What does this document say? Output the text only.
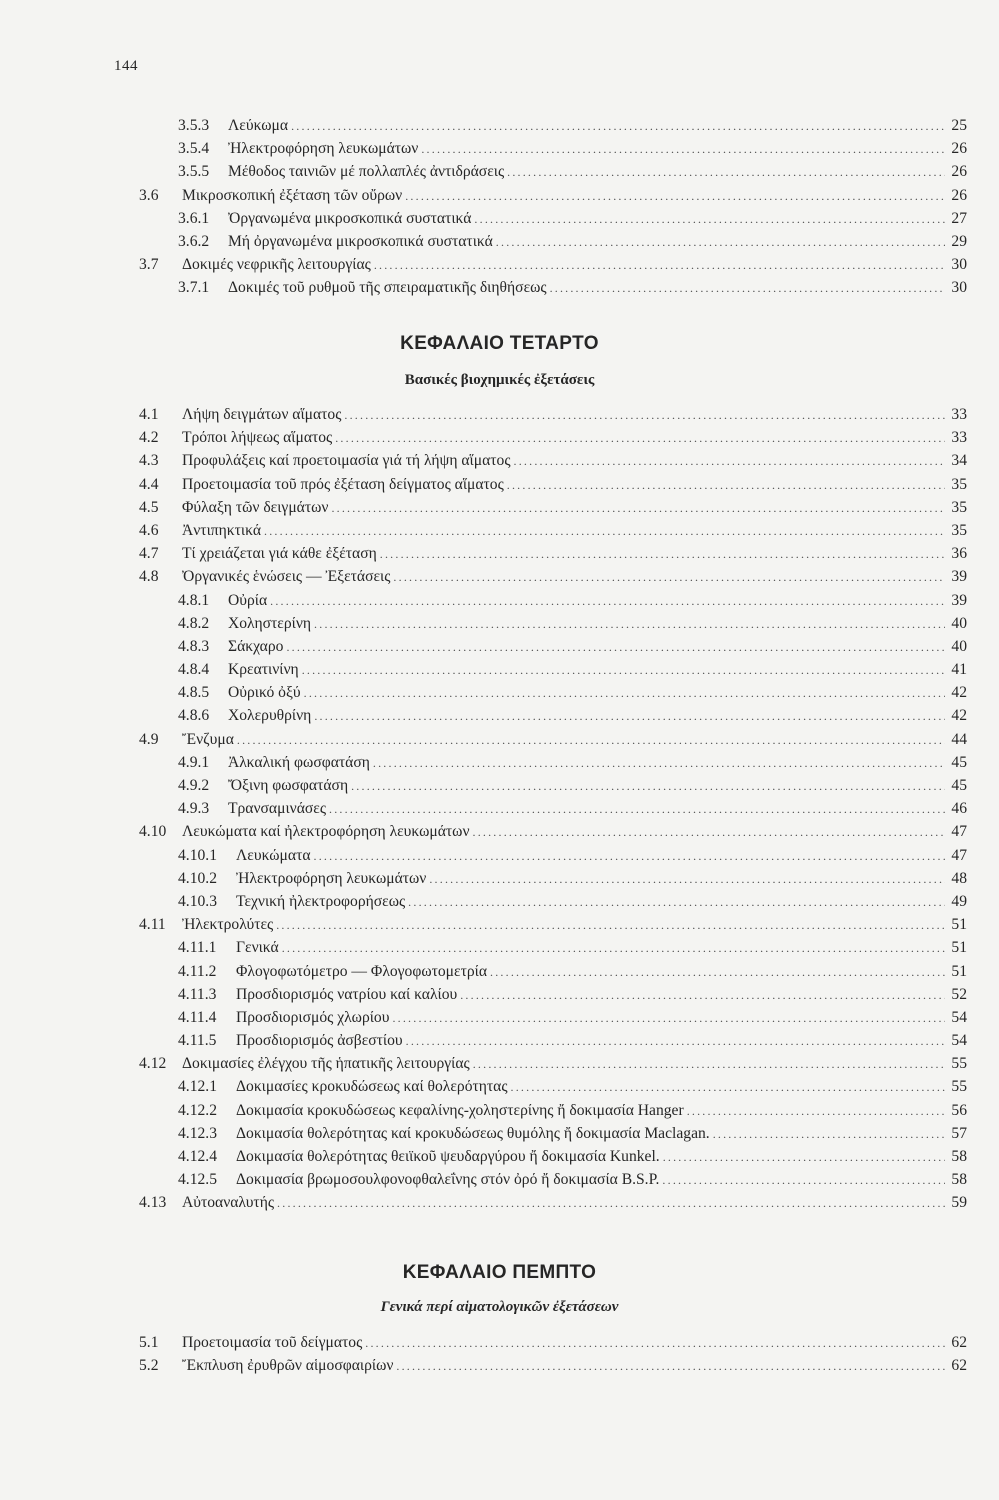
144
3.5.3 Λεύκωμα .....	25
3.5.4 Ἠλεκτροφόρηση λευκωμάτων .....	26
3.5.5 Μέθοδος ταινιῶν μέ πολλαπλές ἀντιδράσεις .....	26
3.6 Μικροσκοπική ἐξέταση τῶν οὔρων .....	26
3.6.1 Ὀργανωμένα μικροσκοπικά συστατικά .....	27
3.6.2 Μή ὀργανωμένα μικροσκοπικά συστατικά .....	29
3.7 Δοκιμές νεφρικῆς λειτουργίας .....	30
3.7.1 Δοκιμές τοῦ ρυθμοῦ τῆς σπειραματικῆς διηθήσεως .....	30
ΚΕΦΑΛΑΙΟ ΤΕΤΑΡΤΟ
Βασικές βιοχημικές ἐξετάσεις
4.1 Λήψη δειγμάτων αἵματος .....	33
4.2 Τρόποι λήψεως αἵματος .....	33
4.3 Προφυλάξεις καί προετοιμασία γιά τή λήψη αἵματος .....	34
4.4 Προετοιμασία τοῦ πρός ἐξέταση δείγματος αἵματος .....	35
4.5 Φύλαξη τῶν δειγμάτων .....	35
4.6 Ἀντιπηκτικά .....	35
4.7 Τί χρειάζεται γιά κάθε ἐξέταση .....	36
4.8 Ὀργανικές ἑνώσεις — Ἐξετάσεις .....	39
4.8.1 Οὐρία .....	39
4.8.2 Χοληστερίνη .....	40
4.8.3 Σάκχαρο .....	40
4.8.4 Κρεατινίνη .....	41
4.8.5 Οὐρικό ὀξύ .....	42
4.8.6 Χολερυθρίνη .....	42
4.9 Ἔνζυμα .....	44
4.9.1 Ἀλκαλική φωσφατάση .....	45
4.9.2 Ὄξινη φωσφατάση .....	45
4.9.3 Τρανσαμινάσες .....	46
4.10 Λευκώματα καί ἠλεκτροφόρηση λευκωμάτων .....	47
4.10.1 Λευκώματα .....	47
4.10.2 Ἠλεκτροφόρηση λευκωμάτων .....	48
4.10.3 Τεχνική ἠλεκτροφορήσεως .....	49
4.11 Ἠλεκτρολύτες .....	51
4.11.1 Γενικά .....	51
4.11.2 Φλογοφωτόμετρο — Φλογοφωτομετρία .....	51
4.11.3 Προσδιορισμός νατρίου καί καλίου .....	52
4.11.4 Προσδιορισμός χλωρίου .....	54
4.11.5 Προσδιορισμός ἀσβεστίου .....	54
4.12 Δοκιμασίες ἐλέγχου τῆς ἡπατικῆς λειτουργίας .....	55
4.12.1 Δοκιμασίες κροκυδώσεως καί θολερότητας .....	55
4.12.2 Δοκιμασία κροκυδώσεως κεφαλίνης-χοληστερίνης ἤ δοκιμασία Hanger .....	56
4.12.3 Δοκιμασία θολερότητας καί κροκυδώσεως θυμόλης ἤ δοκιμασία Maclagan. .....	57
4.12.4 Δοκιμασία θολερότητας θειϊκοῦ ψευδαργύρου ἤ δοκιμασία Kunkel. .....	58
4.12.5 Δοκιμασία βρωμοσουλφονοφθαλεΐνης στόν ὀρό ἤ δοκιμασία B.S.P. .....	58
4.13 Αὐτοαναλυτής .....	59
ΚΕΦΑΛΑΙΟ ΠΕΜΠΤΟ
Γενικά περί αἱματολογικῶν ἐξετάσεων
5.1 Προετοιμασία τοῦ δείγματος .....	62
5.2 Ἔκπλυση ἐρυθρῶν αἱμοσφαιρίων .....	62
